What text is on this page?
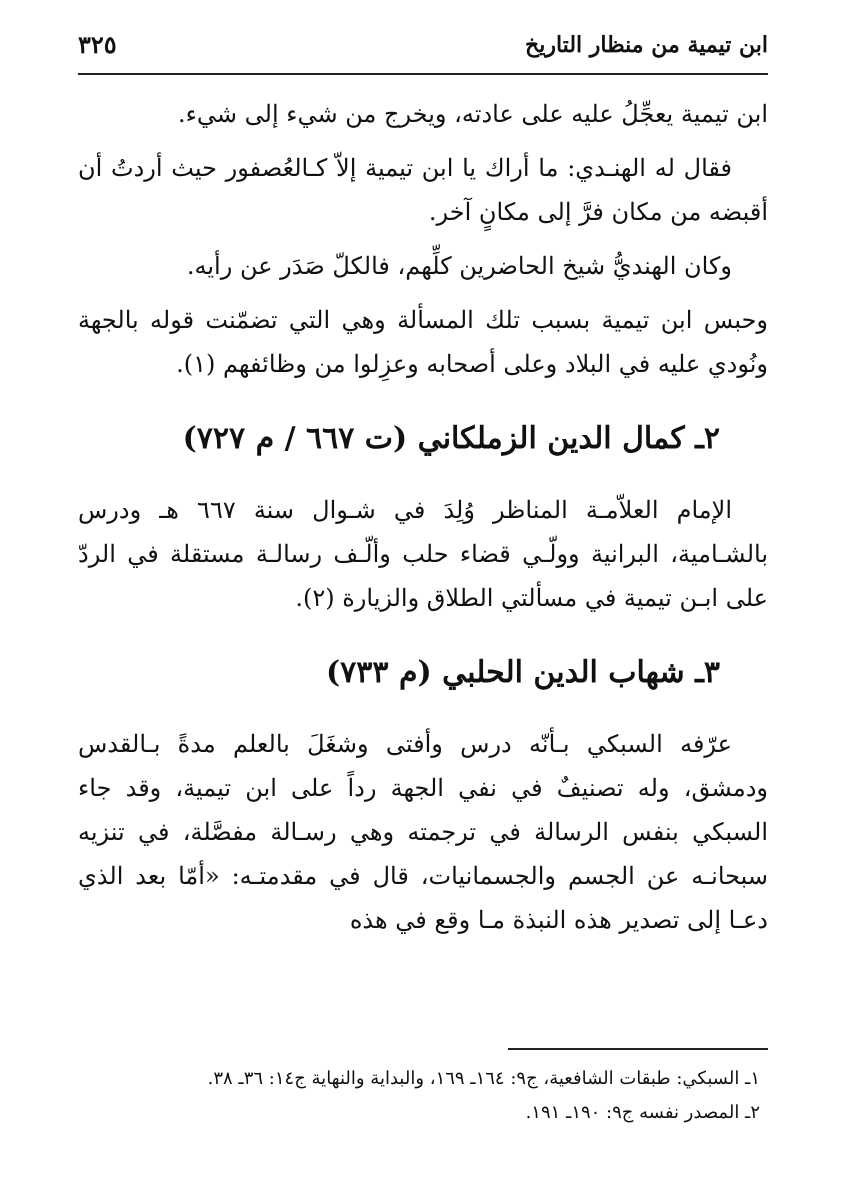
ابن تيمية من منظار التاريخ
٣٢٥

ابن تيمية يعجِّلُ عليه على عادته، ويخرج من شيء إلى شيء.

فقال له الهنـدي: ما أراك يا ابن تيمية إلاّ كـالعُصفور حيث أردتُ أن أقبضه من مكان فرَّ إلى مكانٍ آخر.

وكان الهنديُّ شيخ الحاضرين كلِّهم، فالكلّ صَدَر عن رأيه.

وحبس ابن تيمية بسبب تلك المسألة وهي التي تضمّنت قوله بالجهة ونُودي عليه في البلاد وعلى أصحابه وعزِلوا من وظائفهم (١).

٢ـ كمال الدين الزملكاني (ت ٦٦٧ / م ٧٢٧)

الإمام العلاّمـة المناظر وُلِدَ في شـوال سنة ٦٦٧ هـ ودرس بالشـامية، البرانية وولّـي قضاء حلب وألّـف رسالـة مستقلة في الردّ على ابـن تيمية في مسألتي الطلاق والزيارة (٢).

٣ـ شهاب الدين الحلبي (م ٧٣٣)

عرّفه السبكي بـأنّه درس وأفتى وشغَلَ بالعلم مدةً بـالقدس ودمشق، وله تصنيفٌ في نفي الجهة رداً على ابن تيمية، وقد جاء السبكي بنفس الرسالة في ترجمته وهي رسـالة مفصَّلة، في تنزيه سبحانـه عن الجسم والجسمانيات، قال في مقدمتـه: «أمّا بعد الذي دعـا إلى تصدير هذه النبذة مـا وقع في هذه

١ـ السبكي: طبقات الشافعية، ج٩: ١٦٤ـ ١٦٩، والبداية والنهاية ج١٤: ٣٦ـ ٣٨.

٢ـ المصدر نفسه ج٩: ١٩٠ـ ١٩١.
